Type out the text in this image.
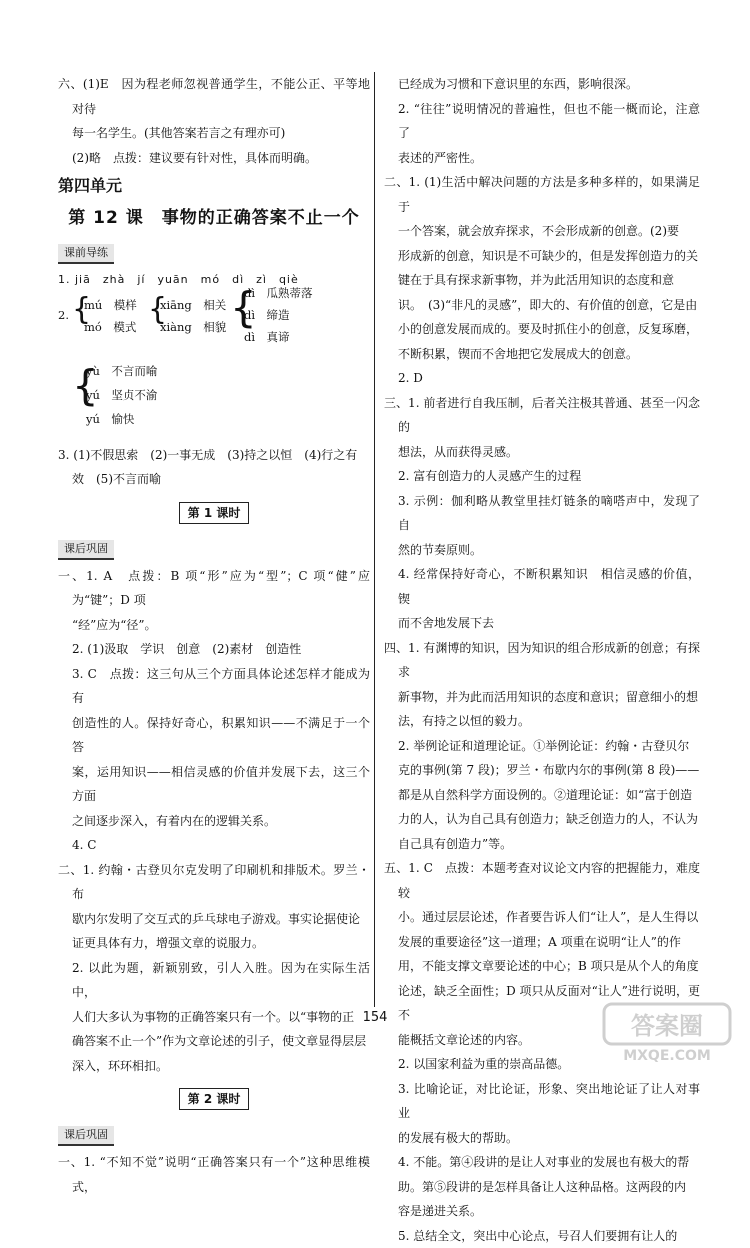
六、(1)E　因为程老师忽视普通学生，不能公正、平等地对待

每一名学生。(其他答案若言之有理亦可)

(2)略　点拨：建议要有针对性，具体而明确。

第四单元
第 12 课　事物的正确答案不止一个
课前导练

1. jiā　zhà　jí　yuān　mó　dì　zì　qiè

2. {
mú　模样
mó　模式 {
xiāng　相关
xiàng　相貌 {
dì　瓜熟蒂落
dì　缔造
dì　真谛
{
yù　不言而喻
yú　坚贞不渝
yú　愉快

3. (1)不假思索　(2)一事无成　(3)持之以恒　(4)行之有

效　(5)不言而喻

第 1 课时
课后巩固

一、1. A　点拨：B 项“形”应为“型”；C 项“健”应为“键”；D 项

“经”应为“径”。

2. (1)汲取　学识　创意　(2)素材　创造性

3. C　点拨：这三句从三个方面具体论述怎样才能成为有

创造性的人。保持好奇心，积累知识——不满足于一个答

案，运用知识——相信灵感的价值并发展下去，这三个方面

之间逐步深入，有着内在的逻辑关系。

4. C

二、1. 约翰・古登贝尔克发明了印刷机和排版术。罗兰・布

歇内尔发明了交互式的乒乓球电子游戏。事实论据使论

证更具体有力，增强文章的说服力。

2. 以此为题，新颖别致，引人入胜。因为在实际生活中，

人们大多认为事物的正确答案只有一个。以“事物的正

确答案不止一个”作为文章论述的引子，使文章显得层层

深入，环环相扣。

第 2 课时
课后巩固

一、1. “不知不觉”说明“正确答案只有一个”这种思维模式，

已经成为习惯和下意识里的东西，影响很深。

2. “往往”说明情况的普遍性，但也不能一概而论，注意了

表述的严密性。

二、1. (1)生活中解决问题的方法是多种多样的，如果满足于

一个答案，就会放弃探求，不会形成新的创意。(2)要

形成新的创意，知识是不可缺少的，但是发挥创造力的关

键在于具有探求新事物，并为此活用知识的态度和意

识。　(3)“非凡的灵感”，即大的、有价值的创意，它是由

小的创意发展而成的。要及时抓住小的创意，反复琢磨，

不断积累，锲而不舍地把它发展成大的创意。

2. D

三、1. 前者进行自我压制，后者关注极其普通、甚至一闪念的

想法，从而获得灵感。

2. 富有创造力的人灵感产生的过程

3. 示例：伽利略从教堂里挂灯链条的嘀嗒声中，发现了自

然的节奏原则。

4. 经常保持好奇心，不断积累知识　相信灵感的价值，锲

而不舍地发展下去

四、1. 有渊博的知识，因为知识的组合形成新的创意；有探求

新事物，并为此而活用知识的态度和意识；留意细小的想

法，有持之以恒的毅力。

2. 举例论证和道理论证。①举例论证：约翰・古登贝尔

克的事例(第 7 段)；罗兰・布歇内尔的事例(第 8 段)——

都是从自然科学方面设例的。②道理论证：如“富于创造

力的人，认为自己具有创造力；缺乏创造力的人，不认为

自己具有创造力”等。

五、1. C　点拨：本题考查对议论文内容的把握能力，难度较

小。通过层层论述，作者要告诉人们“让人”，是人生得以

发展的重要途径”这一道理；A 项重在说明“让人”的作

用，不能支撑文章要论述的中心；B 项只是从个人的角度

论述，缺乏全面性；D 项只从反面对“让人”进行说明，更不

能概括文章论述的内容。

2. 以国家利益为重的崇高品德。

3. 比喻论证，对比论证，形象、突出地论证了让人对事业

的发展有极大的帮助。

4. 不能。第④段讲的是让人对事业的发展也有极大的帮

助。第⑤段讲的是怎样具备让人这种品格。这两段的内

容是递进关系。

5. 总结全文，突出中心论点，号召人们要拥有让人的

154	答案圈
MXQE.COM
